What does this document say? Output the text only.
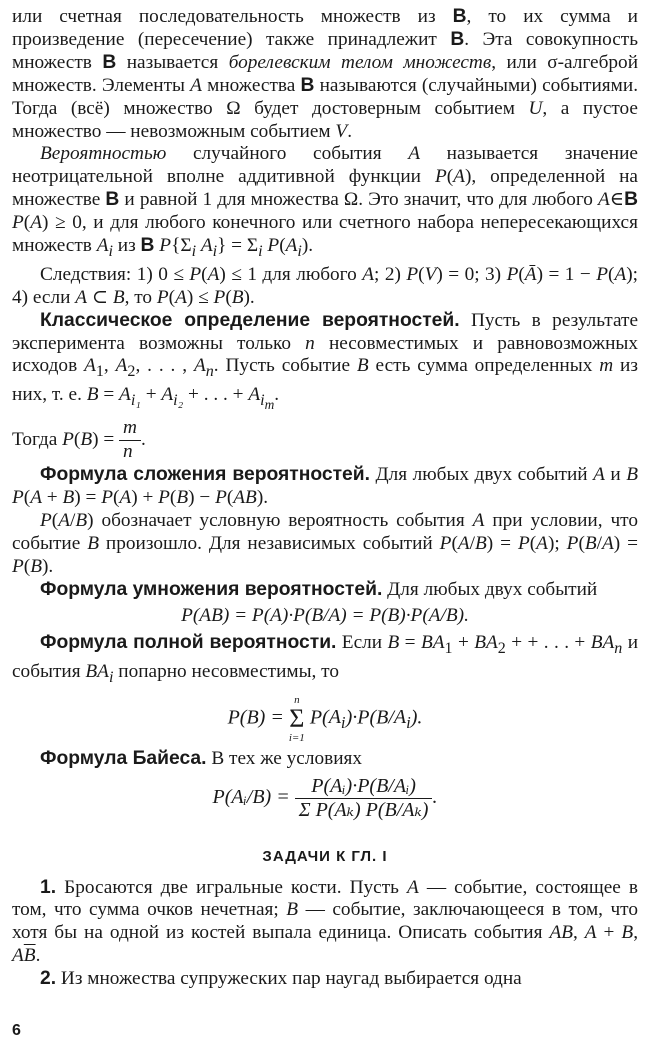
или счетная последовательность множеств из B, то их сумма и произведение (пересечение) также принадлежит B. Эта совокупность множеств B называется борелевским телом множеств, или σ-алгеброй множеств. Элементы A множества B называются (случайными) событиями. Тогда (всё) множество Ω будет достоверным событием U, а пустое множество — невозможным событием V.

Вероятностью случайного события A называется значение неотрицательной вполне аддитивной функции P(A), определенной на множестве B и равной 1 для множества Ω. Это значит, что для любого A∈B P(A) ≥ 0, и для любого конечного или счетного набора непересекающихся множеств $A_i$ из B $P\{\Sigma_i$ $A_i\} = \Sigma_i$ $P(A_i)$.

Следствия: 1) 0 ≤ P(A) ≤ 1 для любого A; 2) P(V) = 0; 3) P(Ā) = 1 − P(A); 4) если A ⊂ B, то P(A) ≤ P(B).

Классическое определение вероятностей. Пусть в результате эксперимента возможны только n несовместимых и равновозможных исходов $A_1$, $A_2$, . . . , $A_n$. Пусть событие B есть сумма определенных m из них, т. е. $B = A_{i_1} + A_{i_2}$ + . . . + $A_{i_m}$.

Тогда $P(B) = \frac{m}{n}$ .

Формула сложения вероятностей. Для любых двух событий A и B P(A + B) = P(A) + P(B) − P(AB).

P(A/B) обозначает условную вероятность события A при условии, что событие B произошло. Для независимых событий P(A/B) = P(A); P(B/A) = P(B).

Формула умножения вероятностей. Для любых двух событий

P(AB) = P(A)·P(B/A) = P(B)·P(A/B).

Формула полной вероятности. Если $B = BA_1 + BA_2$ + + . . . + $BA_n$ и события $BA_i$ попарно несовместимы, то

P(B) =
n
Σ
i=1
$P(A_i)\cdot P(B/A_i)$.

Формула Байеса. В тех же условиях

P(Aᵢ/B) = $\frac{\text{P(Aᵢ)·P(B/Aᵢ)}}{\text{Σ P(Aₖ) P(B/Aₖ)}}$ .
ЗАДАЧИ К ГЛ. I

1. Бросаются две игральные кости. Пусть A — событие, состоящее в том, что сумма очков нечетная; B — событие, заключающееся в том, что хотя бы на одной из костей выпала единица. Описать события AB, A + B, $A\overline{B}$.

2. Из множества супружеских пар наугад выбирается одна

6
